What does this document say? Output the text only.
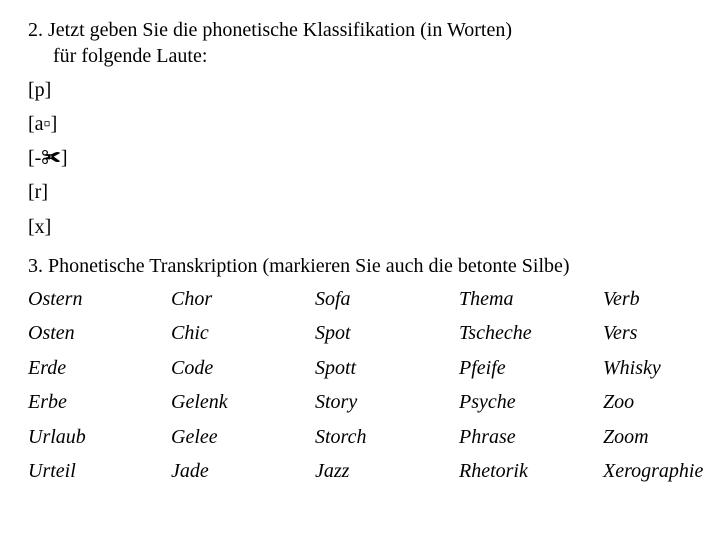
2. Jetzt geben Sie die phonetische Klassifikation (in Worten)
für folgende Laute:
[p]
[a▫]
[‐✀]
[r]
[x]
3. Phonetische Transkription (markieren Sie auch die betonte Silbe)
Ostern	Chor	Sofa	Thema	Verb
Osten	Chic	Spot	Tscheche	Vers
Erde	Code	Spott	Pfeife	Whisky
Erbe	Gelenk	Story	Psyche	Zoo
Urlaub	Gelee	Storch	Phrase	Zoom
Urteil	Jade	Jazz	Rhetorik	Xerographie
